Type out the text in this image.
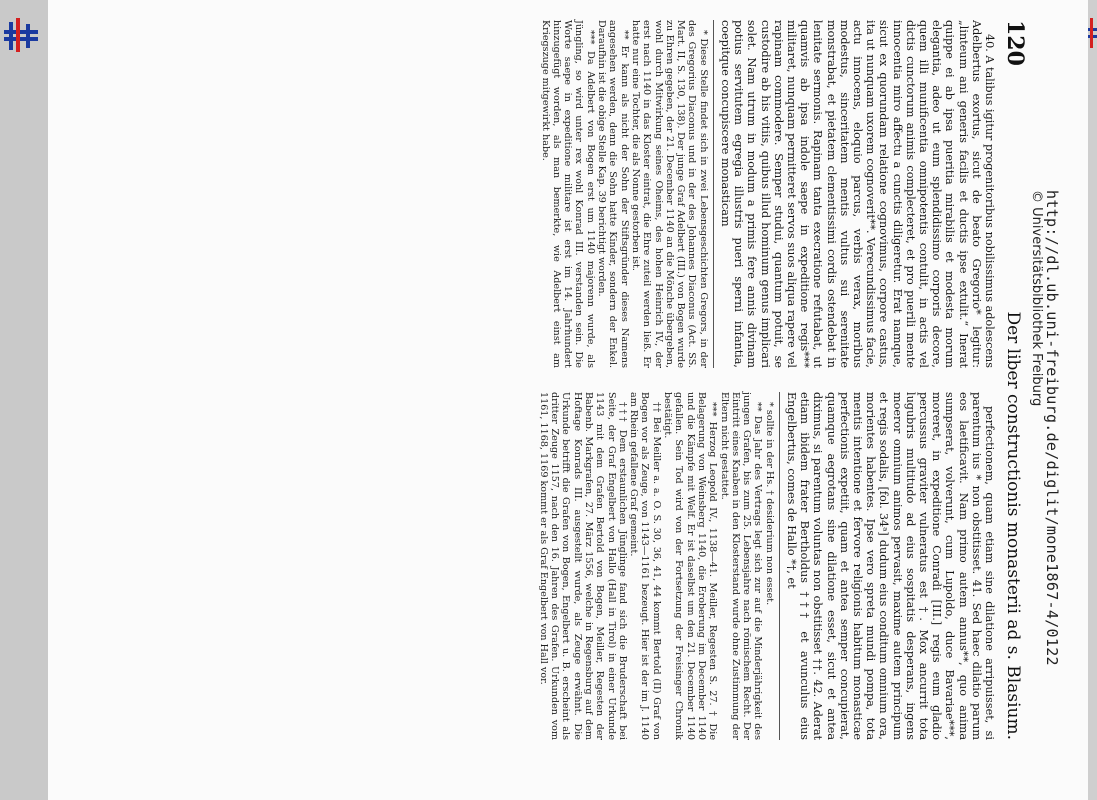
120
Der liber constructionis monasterii ad s. Blasium.

40. A talibus igitur progenitoribus nobilissimus adolescens Adelbertus exortus, sicut de beato Gregorio* legitur: „linteum ani generis facilis et ductis ipse extulit.“ Inerat quippe ei ab ipsa pueritia mirabilis et modesta morum elegantia, adeo ut eum splendidissimo corporis decore, quem illi munificentia omnipotentis contulit, in actis vel dictis cunctorum animis complecteret, et pro puerili mente innocentia miro affectu a cunctis diligeretur. Erat namque, sicut ex quorundam relatione cognovimus, corpore castus, ita ut nunquam uxorem cognoverit**. Verecundissimus facie, actu innocens, eloquio parcus, verbis verax, moribus modestus, sinceritatem mentis vultus sui serenitate monstrabat, et pietatem clementissimi cordis ostendebat in lenitate sermonis. Rapinam tanta execratione refutabat, ut quamvis ab ipsa indole saepe in expeditione regis*** militaret, nunquam permitteret servos suos aliqua rapere vel rapinam commodere. Semper studui, quantum potuit, se custodire ab his vitiis, quibus illud hominum genus implicari solet. Nam utrum in modum a primis fere annis divinam potius servitutem egregia illustris pueri sperni infantia, coepitque concupiscere monasticam

* Diese Stelle findet sich in zwei Lebensgeschichten Gregors, in der des Gregorius Diaconus und in der des Johannes Diaconus (Act. SS. Mart. II, S. 130, 138). Der junge Graf Adelbert (III.) von Bogen wurde zu Ehren gegeben, der 21. December 1140 an die Mönche übergeben, wohl durch Mitwirkung seines Oheims, des hohen Heinrich IV., der erst nach 1140 in das Kloster eintrat, die Ehre zuteil werden ließ. Er hatte nur eine Tochter, die als Nonne gestorben ist.

** Er kann als nicht der Sohn der Stiftsgründer dieses Namens angesehen werden, denn die Sohn hatte Kinder, sondern der Enkel. Daraufhin ist die obige Stelle Kap. 39 berichtigt worden.

*** Da Adelbert von Bogen erst um 1140 majorenn wurde, als Jüngling, so wird unter rex wohl Konrad III. verstanden sein. Die Worte saepe in expeditione militare ist erst im 14. Jahrhundert hinzugefügt worden, als man bemerkte, wie Adelbert einst am Kriegszuge mitgewirkt habe.

perfectionem, quam etiam sine dilatione arripuisset, si parentum ius * non obstitisset. 41. Sed haec dilatio parum eos laetificavit. Nam primo autem annus**, quo anima sumpserat, volverunt, cum Lupoldo, duce Bavariae***, moreret, in expeditione Conradi [III.] regis eum gladio percussus graviter vulneratus est †. Mox ancurrit tota lugubris multitudo ad eius sospitatis desperans, ingens moeror omnium animos pervasit, maxime autem principum et regis sodalis, [fol. 34ᵃ] dudum eius conditum omnium ora, morientes habentes. Ipse vero spreta mundi pompa, tota mentis intentione et fervore religionis habitum monasticae perfectionis expetiit, quam et antea semper concupierat, quamque aegrotans sine dilatione esset, sicut et antea diximus, si parentum voluntas non obstitisset ††. 42. Aderat etiam ibidem frater Bertholdus ††† et avunculus eius Engelbertus, comes de Hallo *†, et

* sollte in der Hs. † desiderium non esset.

** Das Jahr des Vertrags legt sich zur auf die Minderjährigkeit des jungen Grafen, bis zum 25. Lebensjahre nach römischem Recht. Der Eintritt eines Knaben in den Klosterstand wurde ohne Zustimmung der Eltern nicht gestattet.

*** Herzog Leopold IV., 1138—41. Meiller, Regesten S. 27. † Die Belagerung von Weinsberg 1140, die Eroberung im December 1140 und die Kämpfe mit Welf. Er ist daselbst um den 21. December 1140 gefallen. Sein Tod wird von der Fortsetzung der Freisinger Chronik bestätigt.

†† Bei Meiller a. a. O. S. 30, 36, 41, 44 kommt Bertold (II) Graf von Bogen vor als Zeuge, von 1143—1161 bezeugt. Hier ist der im J. 1140 am Rhein gefallene Graf gemeint.

††† Dem erstaunlichen Jünglinge fand sich die Bruderschaft bei Seite, der Graf Engelbert von Hallo (Hall in Tirol) in einer Urkunde 1143 mit dem Grafen Bertold von Bogen, Meiller, Regesten der Babenb. Markgrafen, 27. März 1556, welche in Regensburg auf dem Hoftage Konrads III. ausgestellt wurde, als Zeuge erwähnt. Die Urkunde betrifft die Grafen von Bogen, Engelbert u. B. erscheint als dritter Zeuge 1157, nach den 16. Jahren des Grafen. Urkunden vom 1161, 1168, 1169 kommt er als Graf Engelbert von Hall vor.	http://dl.ub.uni-freiburg.de/diglit/mone1867-4/0122
© Universitätsbibliothek Freiburg
